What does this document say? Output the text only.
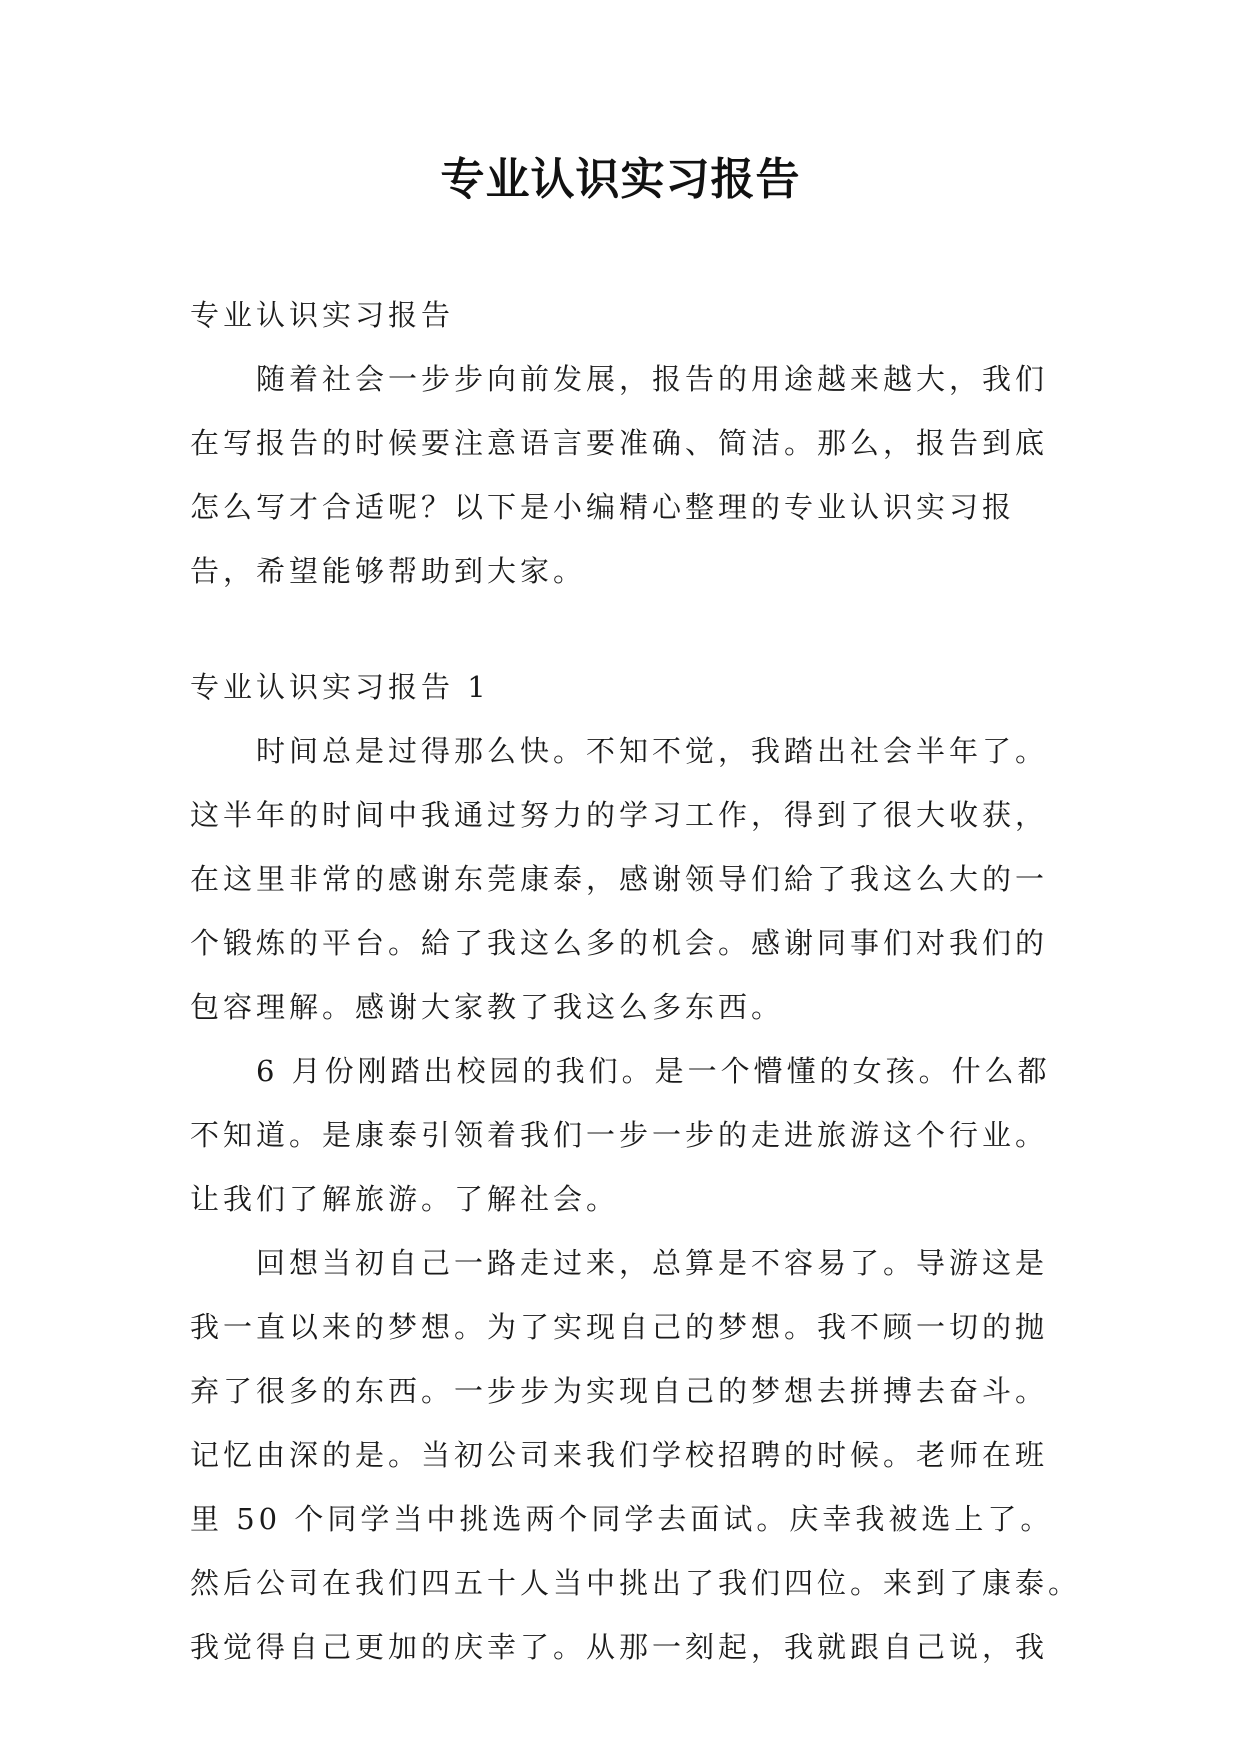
专业认识实习报告
专业认识实习报告
随着社会一步步向前发展，报告的用途越来越大，我们
在写报告的时候要注意语言要准确、简洁。那么，报告到底
怎么写才合适呢？以下是小编精心整理的专业认识实习报
告，希望能够帮助到大家。
专业认识实习报告 1
时间总是过得那么快。不知不觉，我踏出社会半年了。
这半年的时间中我通过努力的学习工作，得到了很大收获，
在这里非常的感谢东莞康泰，感谢领导们給了我这么大的一
个锻炼的平台。給了我这么多的机会。感谢同事们对我们的
包容理解。感谢大家教了我这么多东西。
6 月份刚踏出校园的我们。是一个懵懂的女孩。什么都
不知道。是康泰引领着我们一步一步的走进旅游这个行业。
让我们了解旅游。了解社会。
回想当初自己一路走过来，总算是不容易了。导游这是
我一直以来的梦想。为了实现自己的梦想。我不顾一切的抛
弃了很多的东西。一步步为实现自己的梦想去拼搏去奋斗。
记忆由深的是。当初公司来我们学校招聘的时候。老师在班
里 50 个同学当中挑选两个同学去面试。庆幸我被选上了。
然后公司在我们四五十人当中挑出了我们四位。来到了康泰。
我觉得自己更加的庆幸了。从那一刻起，我就跟自己说，我
